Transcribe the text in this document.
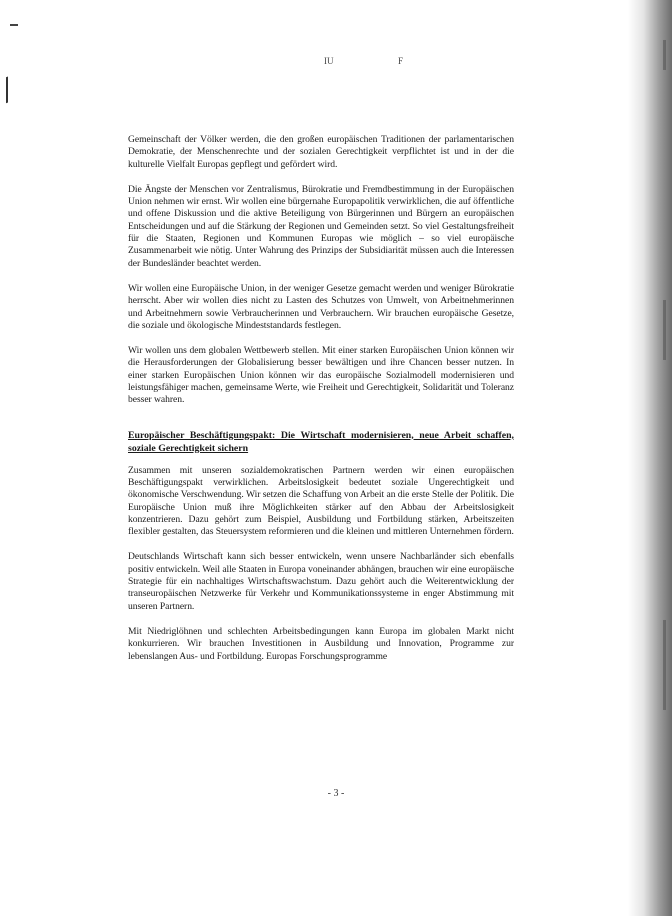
IU	F

Gemeinschaft der Völker werden, die den großen europäischen Traditionen der parlamentarischen Demokratie, der Menschenrechte und der sozialen Gerechtigkeit verpflichtet ist und in der die kulturelle Vielfalt Europas gepflegt und gefördert wird.

Die Ängste der Menschen vor Zentralismus, Bürokratie und Fremdbestimmung in der Europäischen Union nehmen wir ernst. Wir wollen eine bürgernahe Europapolitik verwirklichen, die auf öffentliche und offene Diskussion und die aktive Beteiligung von Bürgerinnen und Bürgern an europäischen Entscheidungen und auf die Stärkung der Regionen und Gemeinden setzt. So viel Gestaltungsfreiheit für die Staaten, Regionen und Kommunen Europas wie möglich – so viel europäische Zusammenarbeit wie nötig. Unter Wahrung des Prinzips der Subsidiarität müssen auch die Interessen der Bundesländer beachtet werden.

Wir wollen eine Europäische Union, in der weniger Gesetze gemacht werden und weniger Bürokratie herrscht. Aber wir wollen dies nicht zu Lasten des Schutzes von Umwelt, von Arbeitnehmerinnen und Arbeitnehmern sowie Verbraucherinnen und Verbrauchern. Wir brauchen europäische Gesetze, die soziale und ökologische Mindeststandards festlegen.

Wir wollen uns dem globalen Wettbewerb stellen. Mit einer starken Europäischen Union können wir die Herausforderungen der Globalisierung besser bewältigen und ihre Chancen besser nutzen. In einer starken Europäischen Union können wir das europäische Sozialmodell modernisieren und leistungsfähiger machen, gemeinsame Werte, wie Freiheit und Gerechtigkeit, Solidarität und Toleranz besser wahren.

Europäischer Beschäftigungspakt: Die Wirtschaft modernisieren, neue Arbeit schaffen, soziale Gerechtigkeit sichern

Zusammen mit unseren sozialdemokratischen Partnern werden wir einen europäischen Beschäftigungspakt verwirklichen. Arbeitslosigkeit bedeutet soziale Ungerechtigkeit und ökonomische Verschwendung. Wir setzen die Schaffung von Arbeit an die erste Stelle der Politik. Die Europäische Union muß ihre Möglichkeiten stärker auf den Abbau der Arbeitslosigkeit konzentrieren. Dazu gehört zum Beispiel, Ausbildung und Fortbildung stärken, Arbeitszeiten flexibler gestalten, das Steuersystem reformieren und die kleinen und mittleren Unternehmen fördern.

Deutschlands Wirtschaft kann sich besser entwickeln, wenn unsere Nachbarländer sich ebenfalls positiv entwickeln. Weil alle Staaten in Europa voneinander abhängen, brauchen wir eine europäische Strategie für ein nachhaltiges Wirtschaftswachstum. Dazu gehört auch die Weiterentwicklung der transeuropäischen Netzwerke für Verkehr und Kommunikationssysteme in enger Abstimmung mit unseren Partnern.

Mit Niedriglöhnen und schlechten Arbeitsbedingungen kann Europa im globalen Markt nicht konkurrieren. Wir brauchen Investitionen in Ausbildung und Innovation, Programme zur lebenslangen Aus- und Fortbildung. Europas Forschungsprogramme

- 3 -
